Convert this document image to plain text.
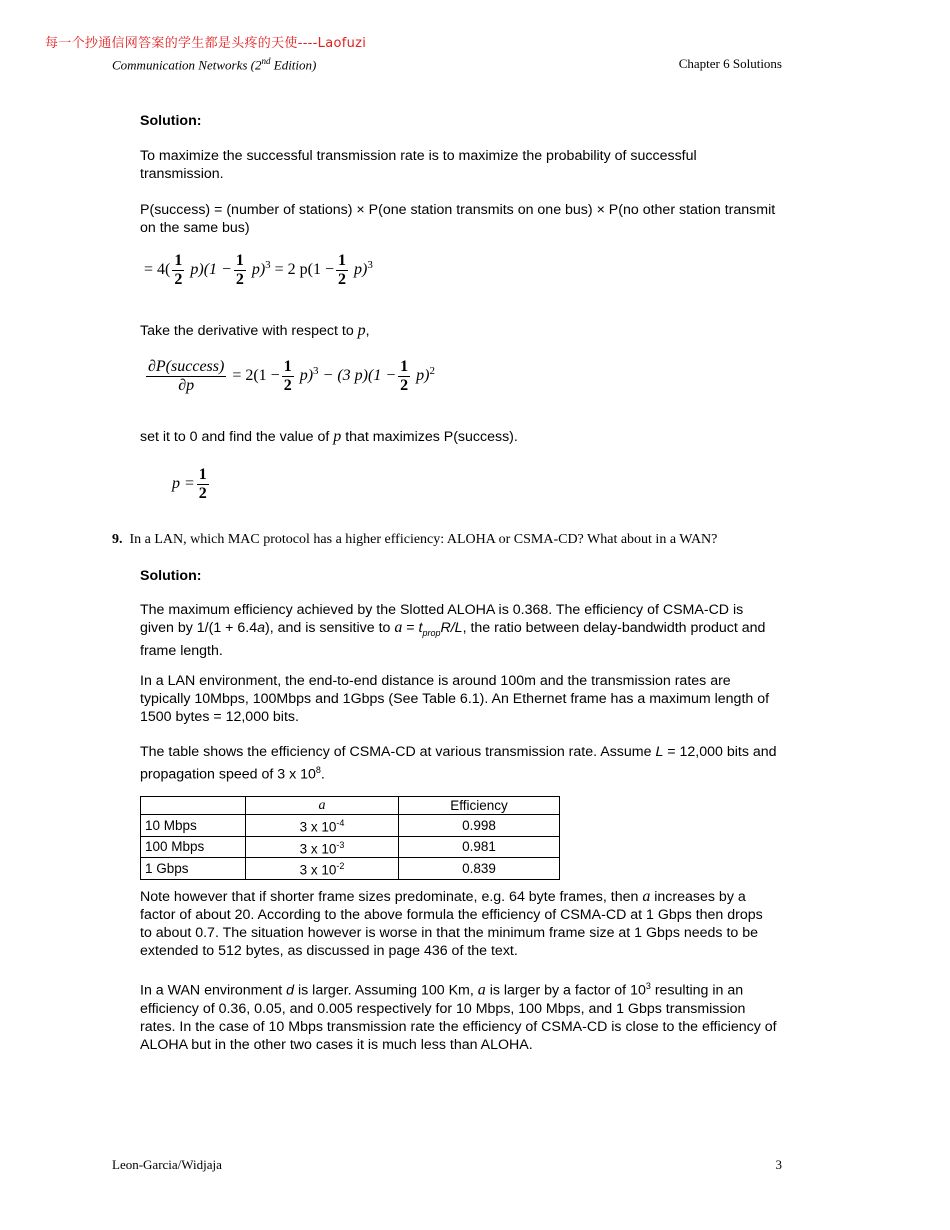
每一个抄通信网答案的学生都是头疼的天使----Laofuzi
Communication Networks (2nd Edition)	Chapter 6 Solutions
Solution:
To maximize the successful transmission rate is to maximize the probability of successful
transmission.
P(success) = (number of stations) × P(one station transmits on one bus) × P(no other station transmit
on the same bus)
= $4( \frac{1}{2} p)(1 - \frac{1}{2} p)^3 = 2$ $p(1 - \frac{1}{2} p)^3$
Take the derivative with respect to p,
$\frac{\text{∂P(success)}}{\partial p} = 2(1 - \frac{1}{2} p)^3 - (3$ $p)(1 - \frac{1}{2} p)^2$
set it to 0 and find the value of p that maximizes P(success).
$p = \frac{1}{2}$
9. In a LAN, which MAC protocol has a higher efficiency: ALOHA or CSMA-CD? What about in a WAN?
Solution:
The maximum efficiency achieved by the Slotted ALOHA is 0.368. The efficiency of CSMA-CD is
given by 1/(1 + 6.4a), and is sensitive to $a = t_{prop}R/L$, the ratio between delay-bandwidth product and
frame length.
In a LAN environment, the end-to-end distance is around 100m and the transmission rates are
typically 10Mbps, 100Mbps and 1Gbps (See Table 6.1). An Ethernet frame has a maximum length of
1500 bytes = 12,000 bits.
The table shows the efficiency of CSMA-CD at various transmission rate. Assume L = 12,000 bits and
propagation speed of 3 x $10^8$.
	a	Efficiency
10 Mbps	3 x $10^{-4}$	0.998
100 Mbps	3 x $10^{-3}$	0.981
1 Gbps	3 x $10^{-2}$	0.839
Note however that if shorter frame sizes predominate, e.g. 64 byte frames, then a increases by a
factor of about 20. According to the above formula the efficiency of CSMA-CD at 1 Gbps then drops
to about 0.7. The situation however is worse in that the minimum frame size at 1 Gbps needs to be
extended to 512 bytes, as discussed in page 436 of the text.
In a WAN environment d is larger. Assuming 100 Km, a is larger by a factor of $10^3$ resulting in an
efficiency of 0.36, 0.05, and 0.005 respectively for 10 Mbps, 100 Mbps, and 1 Gbps transmission
rates. In the case of 10 Mbps transmission rate the efficiency of CSMA-CD is close to the efficiency of
ALOHA but in the other two cases it is much less than ALOHA.
Leon-Garcia/Widjaja	3
